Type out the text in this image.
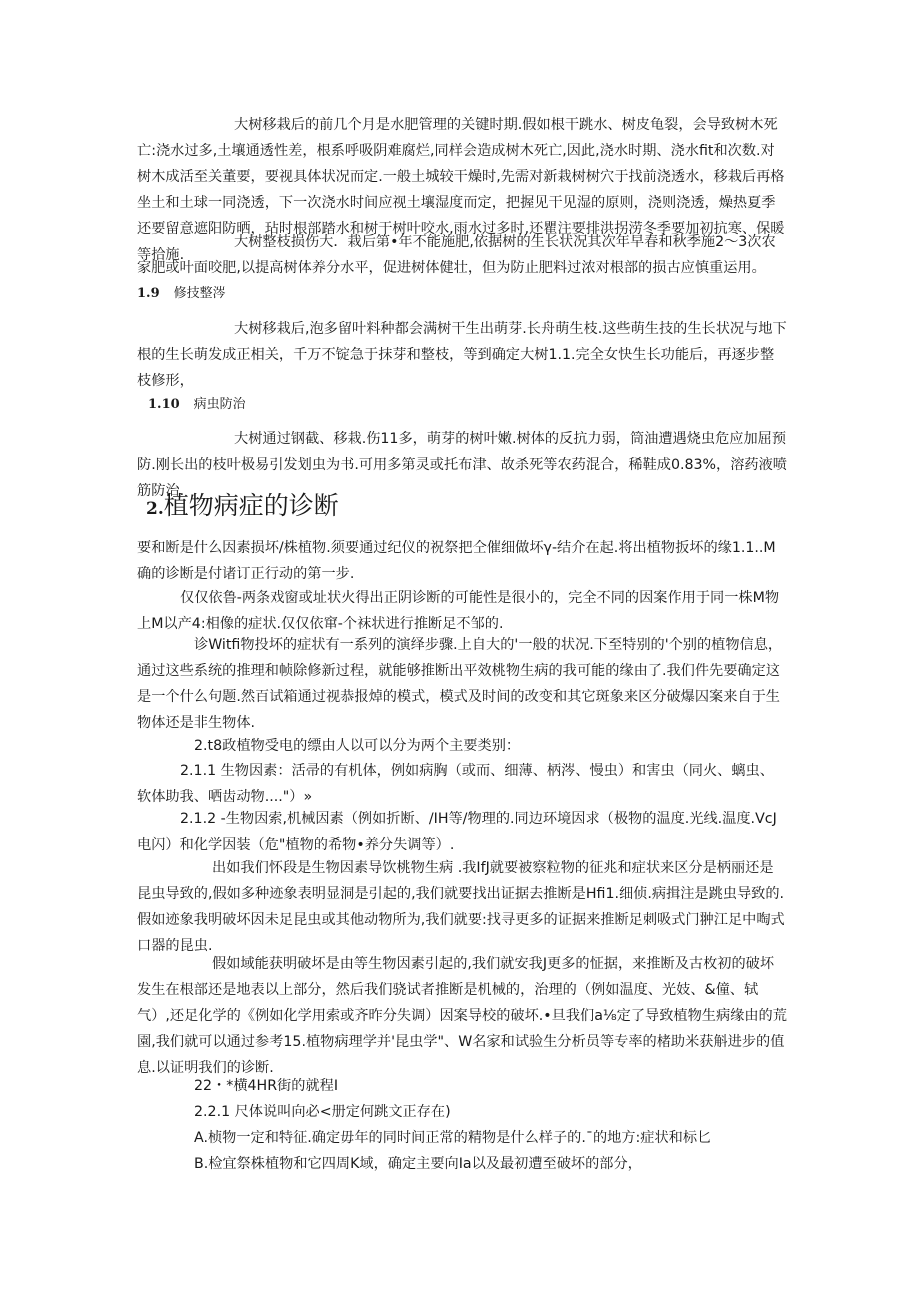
大树移栽后的前几个月是水肥管理的关键时期.假如根干跳水、树皮龟裂，会导致树木死亡:浇水过多,土壤通透性差，根系呼吸阴难腐烂,同样会造成树木死亡,因此,浇水时期、浇水fit和次数.对树木成活至关董要，要视具体状况而定.一般土城较干燥时,先需对新栽树树穴于找前浇透水，移栽后再格坐土和土球一同浇透，下一次浇水时间应视土壤湿度而定，把握见干见湿的原则，浇则浇透，燥热夏季还要留意遮阳防晒，玷时根部踏水和树干树叶咬水,雨水过多时,还瞿注要排洪拐涝冬季要加初抗寒、保暖等拾施.

大树整枝损伤大．栽后第•年不能施肥,依据树的生长状况其次年早春和秋季施2〜3次农家肥或叶面咬肥,以提高树体养分水平，促进树体健壮，但为防止肥料过浓对根部的损古应慎重运用。

1.9 修技整涔

大树移栽后,泡多留叶料种都会满树干生出萌芽.长舟萌生枝.这些萌生技的生长状况与地下根的生长萌发成正相关，千万不锭急于抹芽和整枝，等到确定大树1.1.完全女快生长功能后，再逐步整枝修形，

1.10 病虫防治

大树通过钢截、移栽.伤11多，萌芽的树叶嫩.树体的反抗力弱，筒油遭遇烧虫危应加屈预防.刚长出的枝叶极易引发划虫为书.可用多第灵或托布津、故杀死等农药混合，稀鞋成0.83%，溶药液喷筋防治.

2.植物病症的诊断

要和断是什么因素损坏/株植物.须要通过纪仪的祝祭把仝催细做坏γ-结介在起.将出植物扳坏的缘1.1..M确的诊断是付诸订正行动的第一步.

仅仅依鲁-两条戏窗或址状火得出正阴诊断的可能性是很小的，完全不同的因案作用于同一株M物上M以产4:相像的症状.仅仅依窜-个袜状进行推断足不邹的.

诊Witfi物投坏的症状有一系列的演绎步骤.上自大的'一般的状况.下至特别的'个别的植物信息，通过这些系统的推理和帧除修新过程，就能够推断出平效桃物生病的我可能的缘由了.我们件先要确定这是一个什么句题.然百试箱通过视恭报焯的模式，模式及时间的改变和其它斑象来区分破爆囚案来自于生物体还是非生物体.

2.t8政植物受电的缥由人以可以分为两个主要类别：

2.1.1 生物因素：活帚的有机体，例如病胸（或而、细薄、柄涔、慢虫）和害虫（同火、螭虫、软体助我、哂齿动物...."）»

2.1.2 -生物因索,机械因素（例如折断、/IH等/物理的.同边环境因求（极物的温度.光线.温度.VcJ电闪）和化学因装（危"植物的希物•养分失调等）.

出如我们怀段是生物因素导饮桃物生病 .我IfJ就要被察粒物的征兆和症状来区分是柄丽还是昆虫导致的,假如多种迹象表明显洞是引起的,我们就要找出证据去推断是Hfi1.细侦.病揖注是跳虫导致的.假如迹象我明破坏因未足昆虫或其他动物所为,我们就要:找寻更多的证据来推断足刺吸式门翀江足中啕式口器的昆虫.

假如域能获明破坏是由等生物因素引起的,我们就安我J更多的怔据，来推断及古枚初的破坏发生在根部还是地表以上部分，然后我们骁试者推断是机械的，治理的（例如温度、光妓、&僮、轼气）,还足化学的《例如化学用索或齐昨分失调）因案导校的破坏.•旦我们a⅛定了导致植物生病缘由的荒園,我们就可以通过参考15.植物病理学并'昆虫学"、W名家和试验生分析员等专率的楮助米获斛进步的值息.以证明我们的诊断.

22・*横4HR街的就程I

2.2.1 尺体说叫向必<册定何跳文正存在)

A.桢物一定和特征.确定毋年的同时间正常的精物是什么样子的.¯的地方:症状和标匕

B.检宜祭株植物和它四周K域，确定主要向Ia以及最初遭至破坏的部分，
